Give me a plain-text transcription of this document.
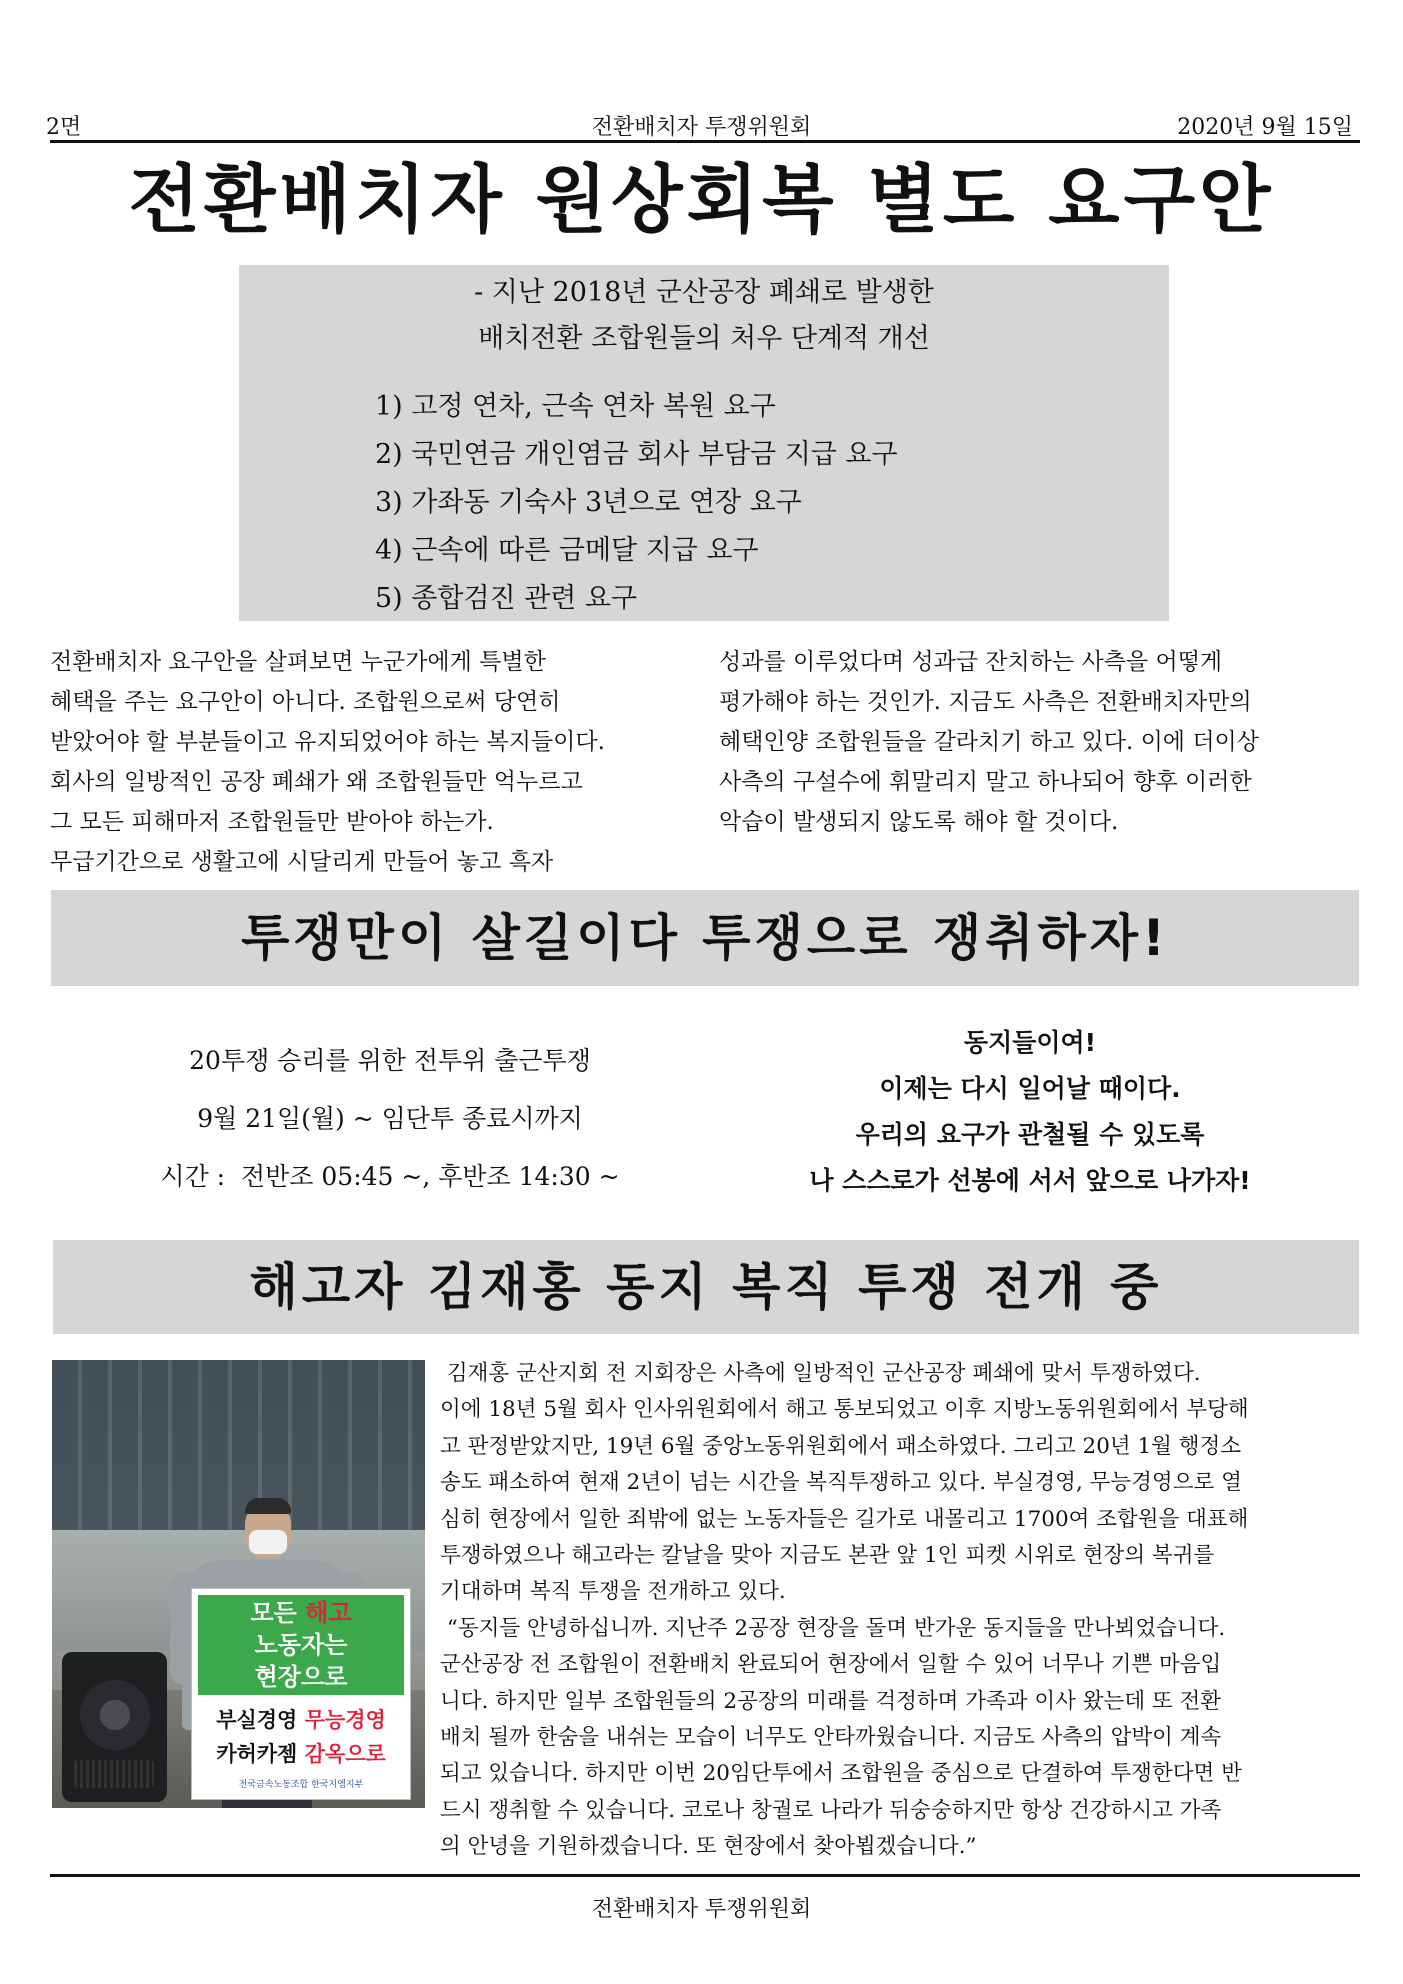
2면	전환배치자 투쟁위원회	2020년 9월 15일
전환배치자 원상회복 별도 요구안
- 지난 2018년 군산공장 폐쇄로 발생한
배치전환 조합원들의 처우 단계적 개선
1) 고정 연차, 근속 연차 복원 요구
2) 국민연금 개인염금 회사 부담금 지급 요구
3) 가좌동 기숙사 3년으로 연장 요구
4) 근속에 따른 금메달 지급 요구
5) 종합검진 관련 요구
전환배치자 요구안을 살펴보면 누군가에게 특별한
혜택을 주는 요구안이 아니다. 조합원으로써 당연히
받았어야 할 부분들이고 유지되었어야 하는 복지들이다.
회사의 일방적인 공장 폐쇄가 왜 조합원들만 억누르고
그 모든 피해마저 조합원들만 받아야 하는가.
무급기간으로 생활고에 시달리게 만들어 놓고 흑자
성과를 이루었다며 성과급 잔치하는 사측을 어떻게
평가해야 하는 것인가. 지금도 사측은 전환배치자만의
혜택인양 조합원들을 갈라치기 하고 있다. 이에 더이상
사측의 구설수에 휘말리지 말고 하나되어 향후 이러한
악습이 발생되지 않도록 해야 할 것이다.
투쟁만이 살길이다 투쟁으로 쟁취하자!
20투쟁 승리를 위한 전투위 출근투쟁
9월 21일(월) ~ 임단투 종료시까지
시간 :  전반조 05:45 ~, 후반조 14:30 ~
동지들이여!
이제는 다시 일어날 때이다.
우리의 요구가 관철될 수 있도록
나 스스로가 선봉에 서서 앞으로 나가자!
해고자 김재홍 동지 복직 투쟁 전개 중
모든 해고
노동자는
현장으로
부실경영 무능경영
카허카젬 감옥으로
전국금속노동조합 한국지엠지부
김재홍 군산지회 전 지회장은 사측에 일방적인 군산공장 폐쇄에 맞서 투쟁하였다.
이에 18년 5월 회사 인사위원회에서 해고 통보되었고 이후 지방노동위원회에서 부당해
고 판정받았지만, 19년 6월 중앙노동위원회에서 패소하였다. 그리고 20년 1월 행정소
송도 패소하여 현재 2년이 넘는 시간을 복직투쟁하고 있다. 부실경영, 무능경영으로 열
심히 현장에서 일한 죄밖에 없는 노동자들은 길가로 내몰리고 1700여 조합원을 대표해
투쟁하였으나 해고라는 칼날을 맞아 지금도 본관 앞 1인 피켓 시위로 현장의 복귀를
기대하며 복직 투쟁을 전개하고 있다.
“동지들 안녕하십니까. 지난주 2공장 현장을 돌며 반가운 동지들을 만나뵈었습니다.
군산공장 전 조합원이 전환배치 완료되어 현장에서 일할 수 있어 너무나 기쁜 마음입
니다. 하지만 일부 조합원들의 2공장의 미래를 걱정하며 가족과 이사 왔는데 또 전환
배치 될까 한숨을 내쉬는 모습이 너무도 안타까웠습니다. 지금도 사측의 압박이 계속
되고 있습니다. 하지만 이번 20임단투에서 조합원을 중심으로 단결하여 투쟁한다면 반
드시 쟁취할 수 있습니다. 코로나 창궐로 나라가 뒤숭숭하지만 항상 건강하시고 가족
의 안녕을 기원하겠습니다. 또 현장에서 찾아뵙겠습니다.”
전환배치자 투쟁위원회
